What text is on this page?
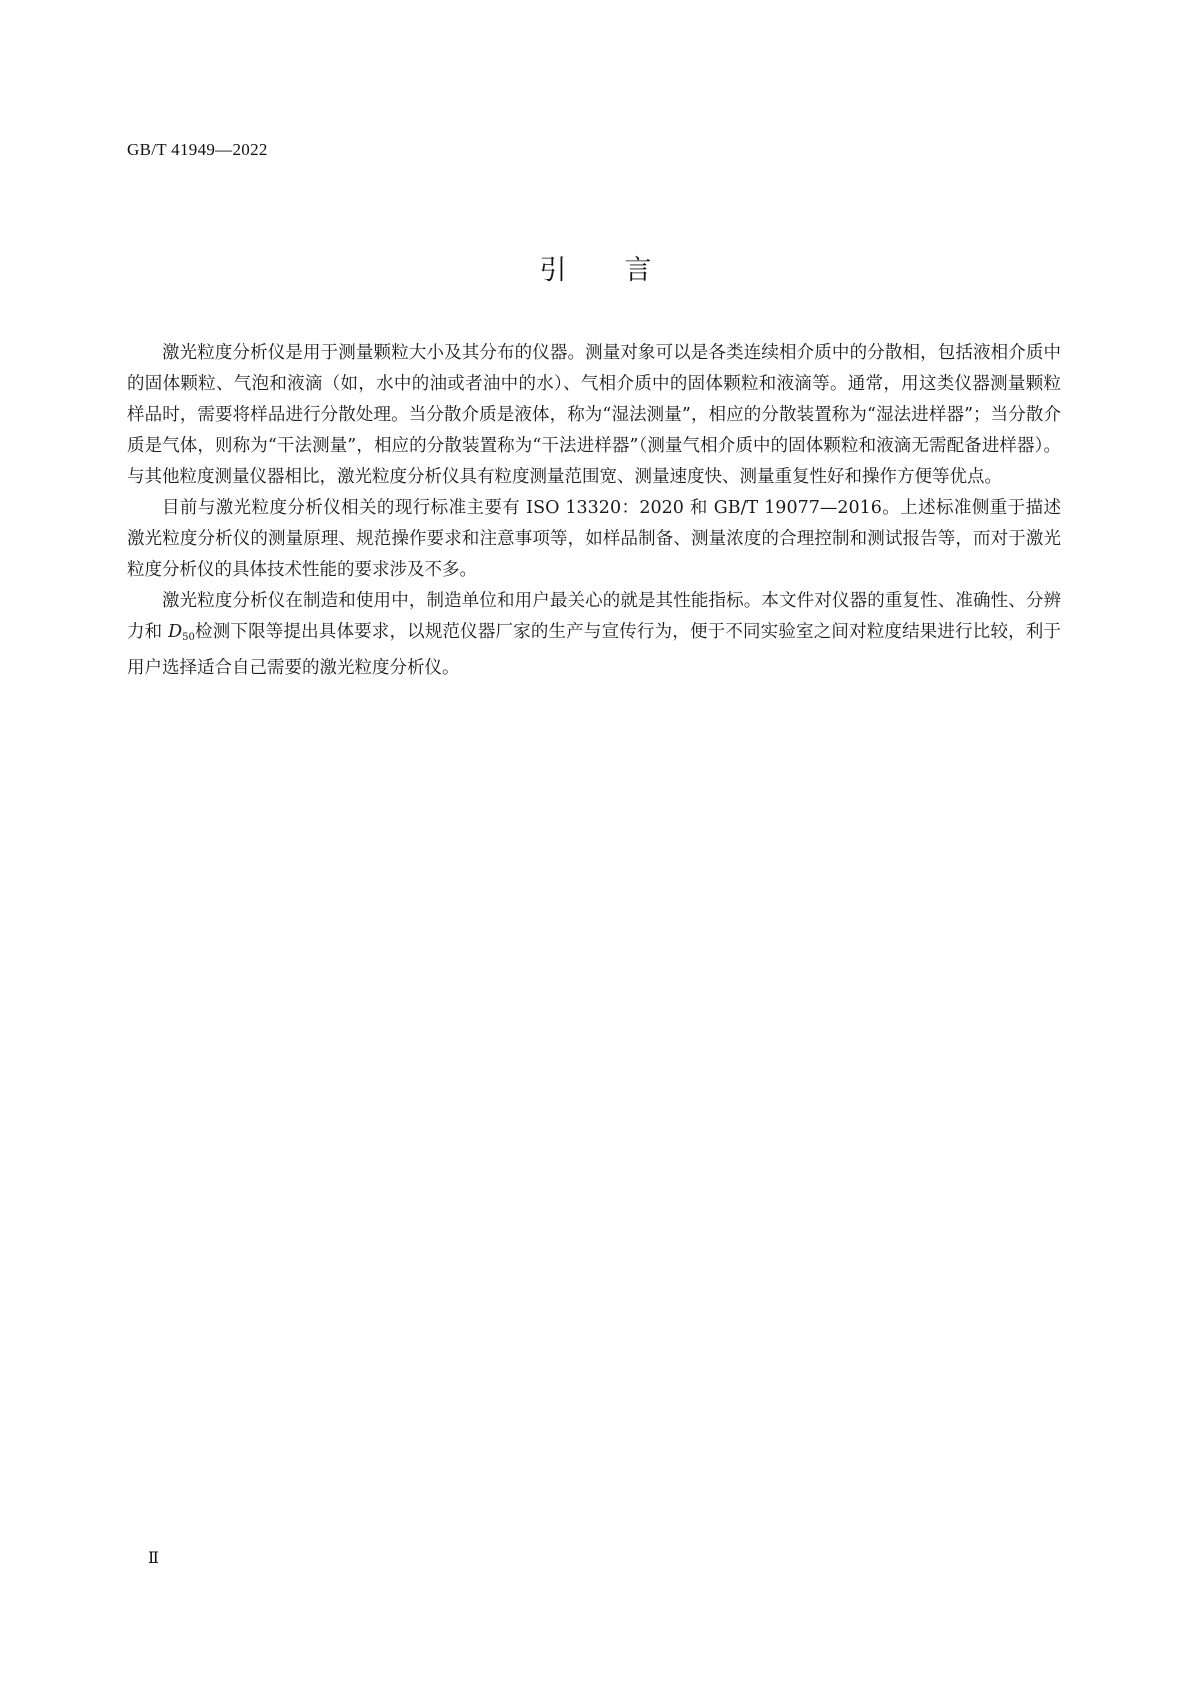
GB/T 41949—2022
引言

激光粒度分析仪是用于测量颗粒大小及其分布的仪器。测量对象可以是各类连续相介质中的分散相，包括液相介质中的固体颗粒、气泡和液滴（如，水中的油或者油中的水）、气相介质中的固体颗粒和液滴等。通常，用这类仪器测量颗粒样品时，需要将样品进行分散处理。当分散介质是液体，称为“湿法测量”，相应的分散装置称为“湿法进样器”；当分散介质是气体，则称为“干法测量”，相应的分散装置称为“干法进样器”（测量气相介质中的固体颗粒和液滴无需配备进样器）。与其他粒度测量仪器相比，激光粒度分析仪具有粒度测量范围宽、测量速度快、测量重复性好和操作方便等优点。

目前与激光粒度分析仪相关的现行标准主要有 ISO 13320：2020 和 GB/T 19077—2016。上述标准侧重于描述激光粒度分析仪的测量原理、规范操作要求和注意事项等，如样品制备、测量浓度的合理控制和测试报告等，而对于激光粒度分析仪的具体技术性能的要求涉及不多。

激光粒度分析仪在制造和使用中，制造单位和用户最关心的就是其性能指标。本文件对仪器的重复性、准确性、分辨力和 $D_{50}$检测下限等提出具体要求，以规范仪器厂家的生产与宣传行为，便于不同实验室之间对粒度结果进行比较，利于用户选择适合自己需要的激光粒度分析仪。

Ⅱ
